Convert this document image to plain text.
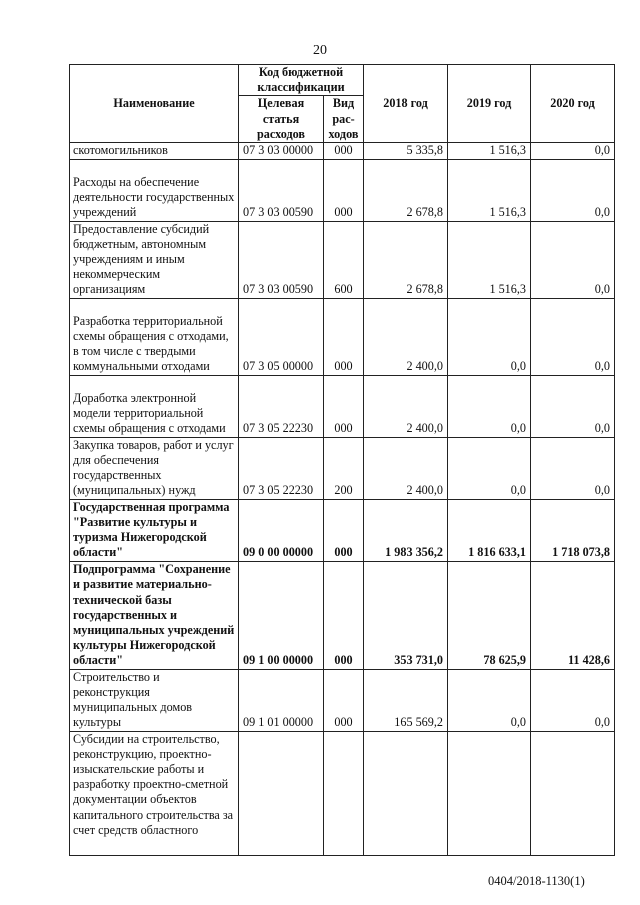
20
Наименование	Код бюджетной классификации		2018 год	2019 год	2020 год
	Целевая статья расходов	Вид рас-ходов			
скотомогильников	07 3 03 00000	000	5 335,8	1 516,3	0,0
Расходы на обеспечение деятельности государственных учреждений	07 3 03 00590	000	2 678,8	1 516,3	0,0
Предоставление субсидий бюджетным, автономным учреждениям и иным некоммерческим организациям	07 3 03 00590	600	2 678,8	1 516,3	0,0
Разработка территориальной схемы обращения с отходами, в том числе с твердыми коммунальными отходами	07 3 05 00000	000	2 400,0	0,0	0,0
Доработка электронной модели территориальной схемы обращения с отходами	07 3 05 22230	000	2 400,0	0,0	0,0
Закупка товаров, работ и услуг для обеспечения государственных (муниципальных) нужд	07 3 05 22230	200	2 400,0	0,0	0,0
Государственная программа "Развитие культуры и туризма Нижегородской области"	09 0 00 00000	000	1 983 356,2	1 816 633,1	1 718 073,8
Подпрограмма "Сохранение и развитие материально-технической базы государственных и муниципальных учреждений культуры Нижегородской области"	09 1 00 00000	000	353 731,0	78 625,9	11 428,6
Строительство и реконструкция муниципальных домов культуры	09 1 01 00000	000	165 569,2	0,0	0,0
Субсидии на строительство, реконструкцию, проектно-изыскательские работы и разработку проектно-сметной документации объектов капитального строительства за счет средств областного					
0404/2018-1130(1)
